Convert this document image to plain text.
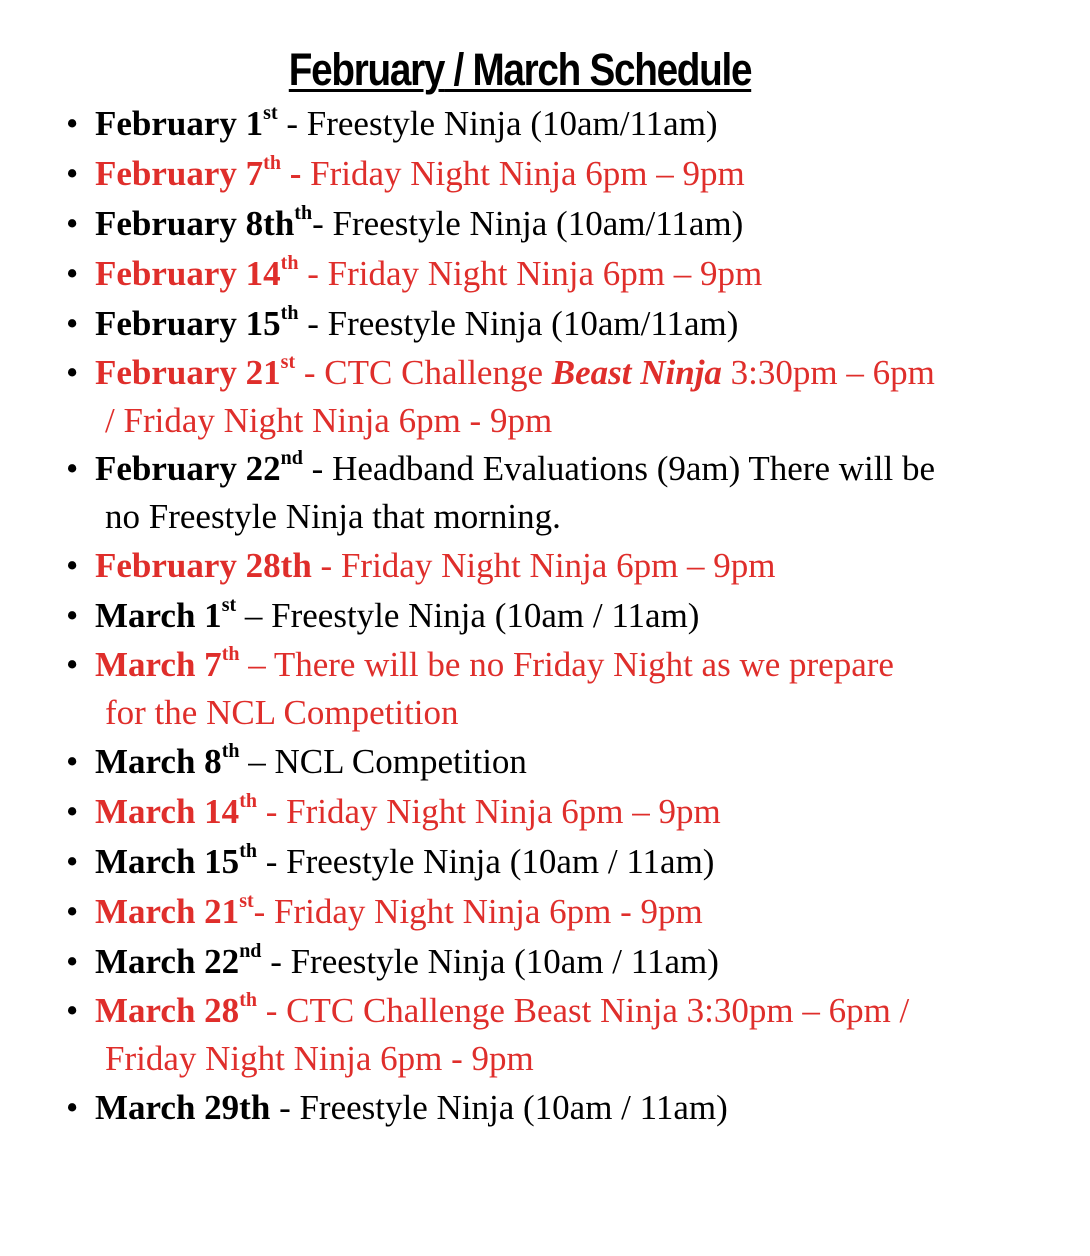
February / March Schedule
• February 1st - Freestyle Ninja (10am/11am)
• February 7th - Friday Night Ninja 6pm – 9pm
• February $8th^{th}-$ Freestyle Ninja (10am/11am)
• February 14th - Friday Night Ninja 6pm – 9pm
• February 15th - Freestyle Ninja (10am/11am)
• February 21st - CTC Challenge Beast Ninja 3:30pm – 6pm
/ Friday Night Ninja 6pm - 9pm
• February 22nd - Headband Evaluations (9am) There will be
no Freestyle Ninja that morning.
• February 28th - Friday Night Ninja 6pm – 9pm
• March 1st – Freestyle Ninja (10am / 11am)
• March 7th – There will be no Friday Night as we prepare
for the NCL Competition
• March 8th – NCL Competition
• March 14th - Friday Night Ninja 6pm – 9pm
• March 15th - Freestyle Ninja (10am / 11am)
• March 21st- Friday Night Ninja 6pm - 9pm
• March 22nd - Freestyle Ninja (10am / 11am)
• March 28th - CTC Challenge Beast Ninja 3:30pm – 6pm /
Friday Night Ninja 6pm - 9pm
• March 29th - Freestyle Ninja (10am / 11am)
